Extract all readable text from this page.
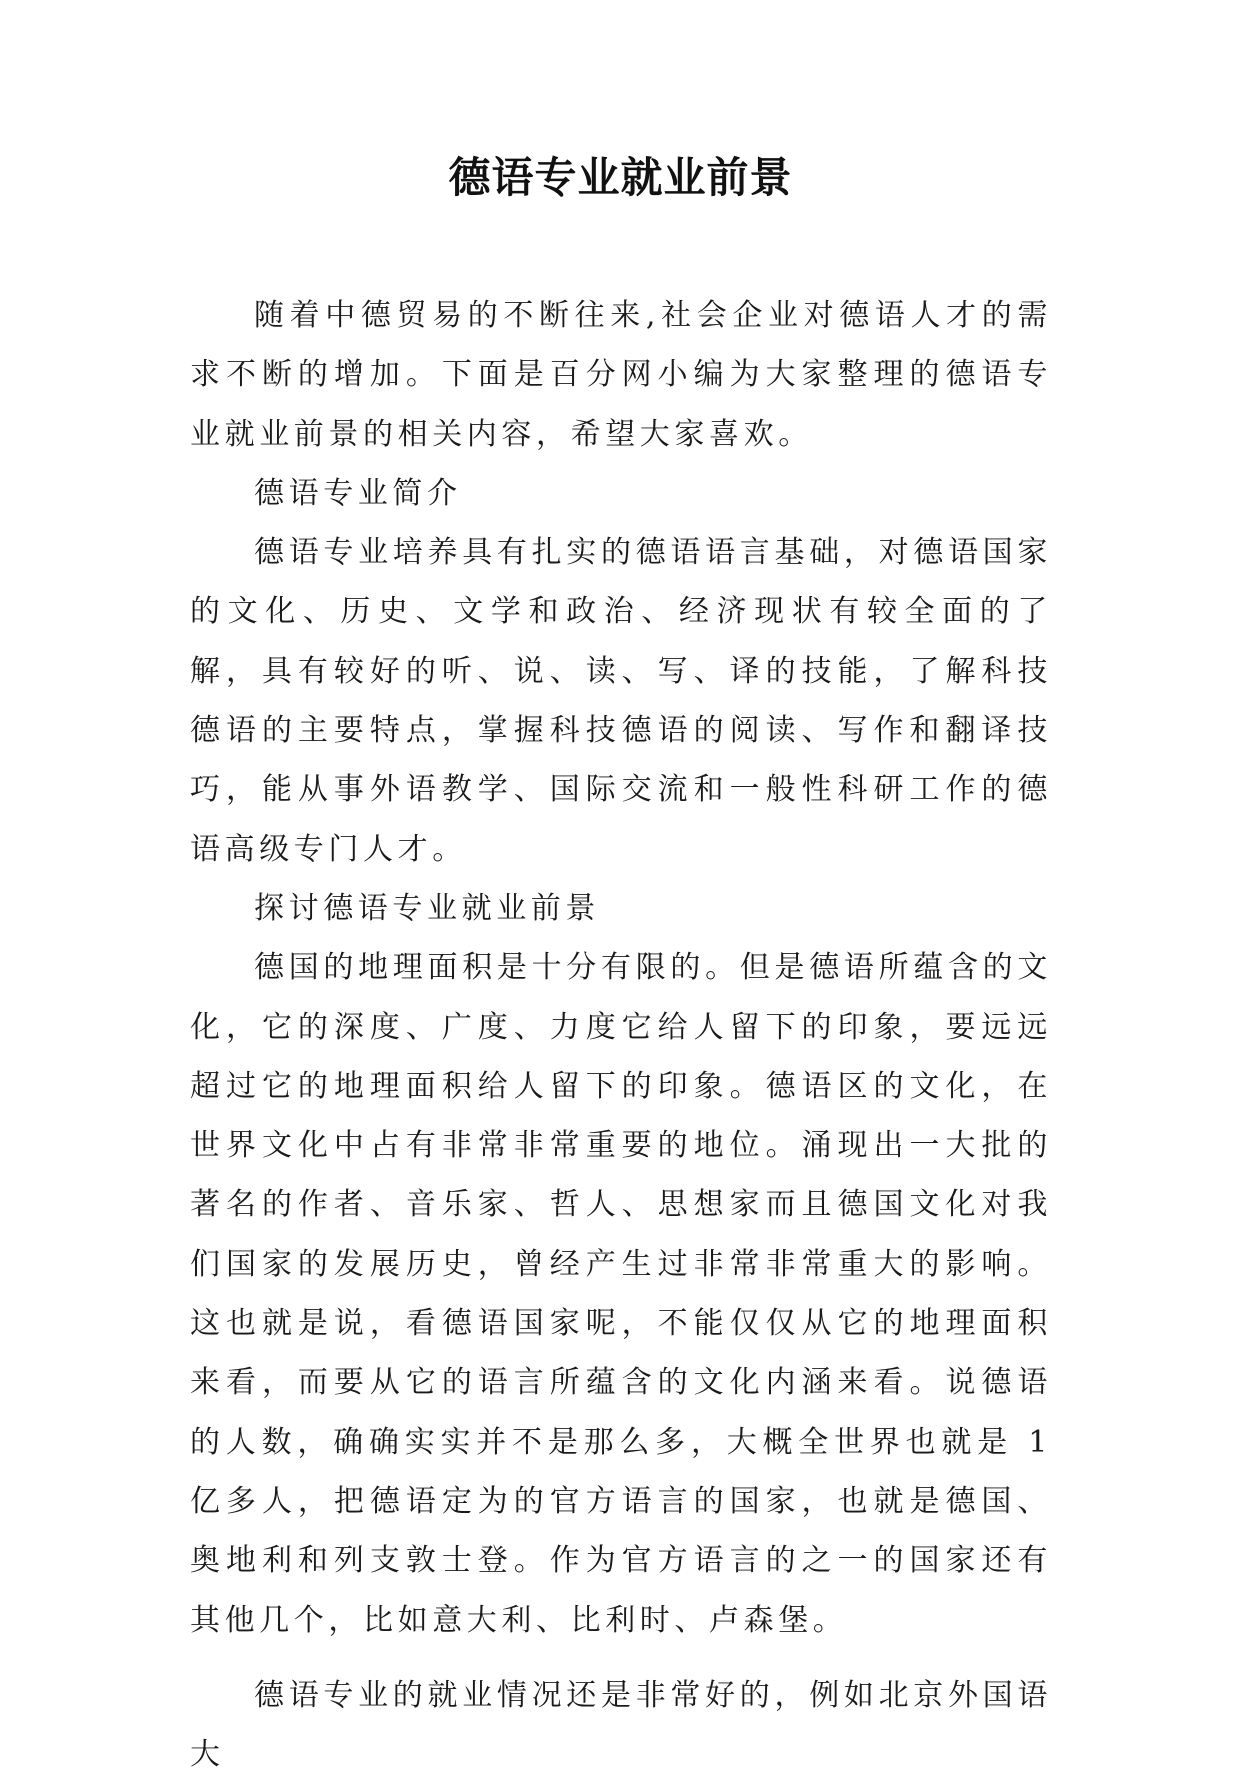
德语专业就业前景

随着中德贸易的不断往来,社会企业对德语人才的需求不断的增加。下面是百分网小编为大家整理的德语专业就业前景的相关内容，希望大家喜欢。

德语专业简介

德语专业培养具有扎实的德语语言基础，对德语国家的文化、历史、文学和政治、经济现状有较全面的了解，具有较好的听、说、读、写、译的技能，了解科技德语的主要特点，掌握科技德语的阅读、写作和翻译技巧，能从事外语教学、国际交流和一般性科研工作的德语高级专门人才。

探讨德语专业就业前景

德国的地理面积是十分有限的。但是德语所蕴含的文化，它的深度、广度、力度它给人留下的印象，要远远超过它的地理面积给人留下的印象。德语区的文化，在世界文化中占有非常非常重要的地位。涌现出一大批的著名的作者、音乐家、哲人、思想家而且德国文化对我们国家的发展历史，曾经产生过非常非常重大的影响。这也就是说，看德语国家呢，不能仅仅从它的地理面积来看，而要从它的语言所蕴含的文化内涵来看。说德语的人数，确确实实并不是那么多，大概全世界也就是 1 亿多人，把德语定为的官方语言的国家，也就是德国、奥地利和列支敦士登。作为官方语言的之一的国家还有其他几个，比如意大利、比利时、卢森堡。

德语专业的就业情况还是非常好的，例如北京外国语大
